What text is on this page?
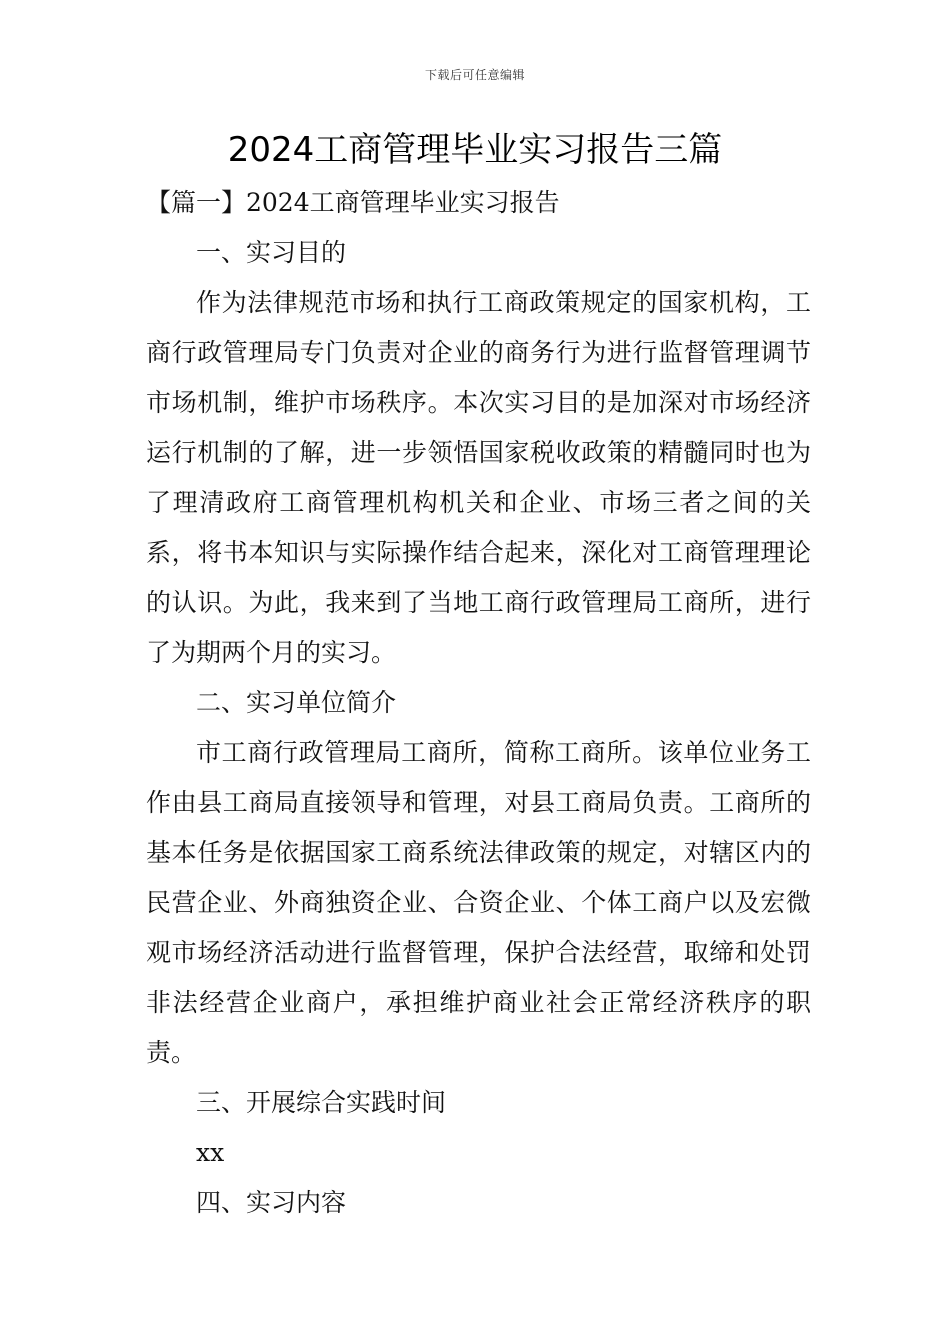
下载后可任意编辑
2024工商管理毕业实习报告三篇

【篇一】2024工商管理毕业实习报告

一、实习目的

作为法律规范市场和执行工商政策规定的国家机构，工商行政管理局专门负责对企业的商务行为进行监督管理调节市场机制，维护市场秩序。本次实习目的是加深对市场经济运行机制的了解，进一步领悟国家税收政策的精髓同时也为了理清政府工商管理机构机关和企业、市场三者之间的关系，将书本知识与实际操作结合起来，深化对工商管理理论的认识。为此，我来到了当地工商行政管理局工商所，进行了为期两个月的实习。

二、实习单位简介

市工商行政管理局工商所，简称工商所。该单位业务工作由县工商局直接领导和管理，对县工商局负责。工商所的基本任务是依据国家工商系统法律政策的规定，对辖区内的民营企业、外商独资企业、合资企业、个体工商户以及宏微观市场经济活动进行监督管理，保护合法经营，取缔和处罚非法经营企业商户，承担维护商业社会正常经济秩序的职责。

三、开展综合实践时间

xx

四、实习内容
